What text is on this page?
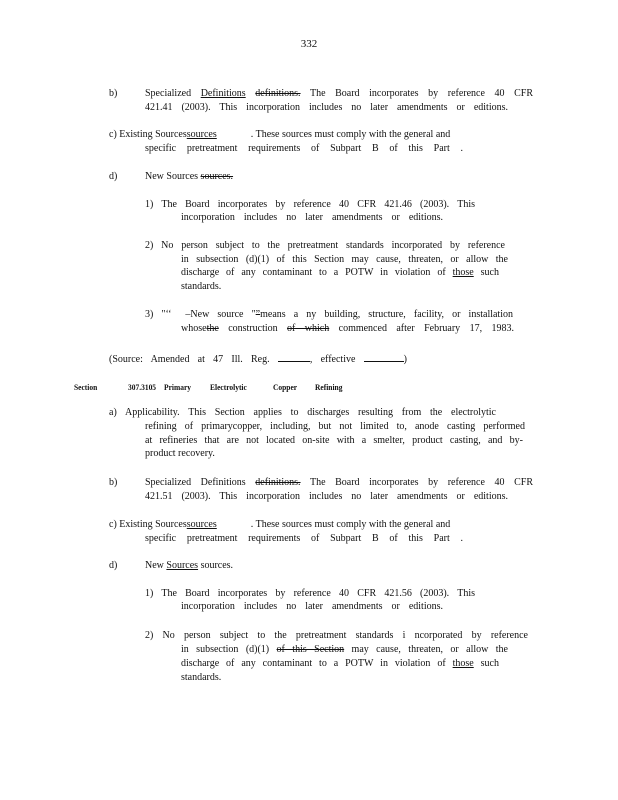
332
b)	Specialized Definitions definitions. The Board incorporates by reference 40 CFR
421.41 (2003). This incorporation includes no later amendments or editions.
c) Existing Sourcessources	. These sources must comply with the general and
specific pretreatment requirements of Subpart B of this Part .
d)	New Sources sources.
1) The Board incorporates by reference 40 CFR 421.46 (2003). This
incorporation includes no later amendments or editions.
2) No person subject to the pretreatment standards incorporated by reference
in subsection (d)(1) of this Section may cause, threaten, or allow the
discharge of any contaminant to a POTW in violation of those such
standards.
3) "‘‘ –New source "”means a ny building, structure, facility, or installation
whosethe construction of which commenced after February 17, 1983.
(Source: Amended at 47 Ill. Reg.	, effective	)
Section	307.3105 Primary Electrolytic	Copper Refining
a) Applicability. This Section applies to discharges resulting from the electrolytic
refining of primarycopper, including, but not limited to, anode casting performed
at refineries that are not located on-site with a smelter, product casting, and by-
product recovery.
b)	Specialized Definitions definitions. The Board incorporates by reference 40 CFR
421.51 (2003). This incorporation includes no later amendments or editions.
c) Existing Sourcessources	. These sources must comply with the general and
specific pretreatment requirements of Subpart B of this Part .
d)	New Sources sources.
1) The Board incorporates by reference 40 CFR 421.56 (2003). This
incorporation includes no later amendments or editions.
2) No person subject to the pretreatment standards i ncorporated by reference
in subsection (d)(1) of this Section may cause, threaten, or allow the
discharge of any contaminant to a POTW in violation of those such
standards.
